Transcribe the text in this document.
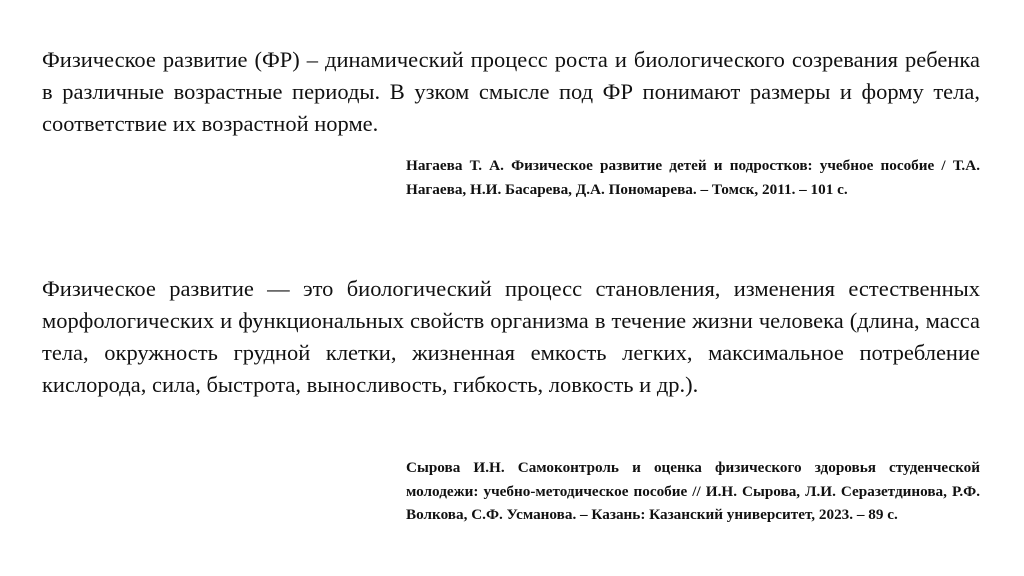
Физическое развитие (ФР) – динамический процесс роста и биологического созревания ребенка в различные возрастные периоды. В узком смысле под ФР понимают размеры и форму тела, соответствие их возрастной норме.

Нагаева Т. А. Физическое развитие детей и подростков: учебное пособие / Т.А. Нагаева, Н.И. Басарева, Д.А. Пономарева. – Томск, 2011. – 101 с.

Физическое развитие — это биологический процесс становления, изменения естественных морфологических и функциональных свойств организма в течение жизни человека (длина, масса тела, окружность грудной клетки, жизненная емкость легких, максимальное потребление кислорода, сила, быстрота, выносливость, гибкость, ловкость и др.).

Сырова И.Н. Самоконтроль и оценка физического здоровья студенческой молодежи: учебно-методическое пособие // И.Н. Сырова, Л.И. Серазетдинова, Р.Ф. Волкова, С.Ф. Усманова. – Казань: Казанский университет, 2023. – 89 с.
